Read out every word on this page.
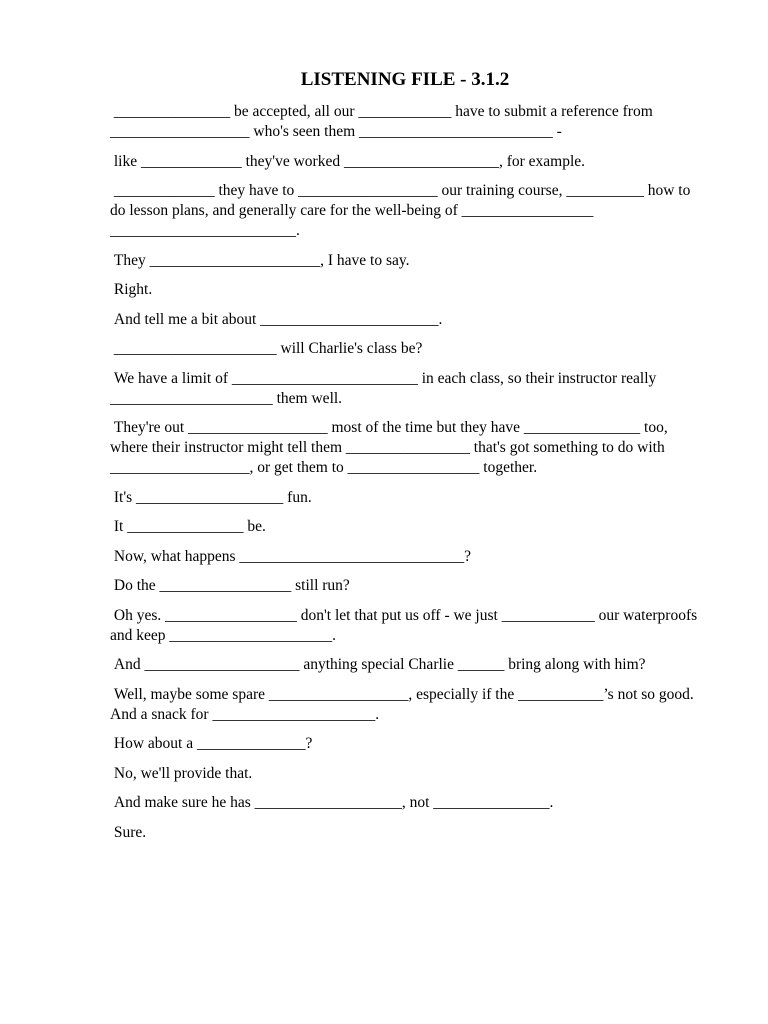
LISTENING FILE - 3.1.2

_______________ be accepted, all our ____________ have to submit a reference from __________________ who's seen them _________________________ -

like _____________ they've worked ____________________, for example.

_____________ they have to __________________ our training course, __________ how to do lesson plans, and generally care for the well-being of _________________ ________________________.

They ______________________, I have to say.

Right.

And tell me a bit about _______________________.

_____________________ will Charlie's class be?

We have a limit of ________________________ in each class, so their instructor really _____________________ them well.

They're out __________________ most of the time but they have _______________ too, where their instructor might tell them ________________ that's got something to do with __________________, or get them to _________________ together.

It's ___________________ fun.

It _______________ be.

Now, what happens _____________________________?

Do the _________________ still run?

Oh yes. _________________ don't let that put us off - we just ____________ our waterproofs and keep _____________________.

And ____________________ anything special Charlie ______ bring along with him?

Well, maybe some spare __________________, especially if the ___________’s not so good. And a snack for _____________________.

How about a ______________?

No, we'll provide that.

And make sure he has ___________________, not _______________.

Sure.
